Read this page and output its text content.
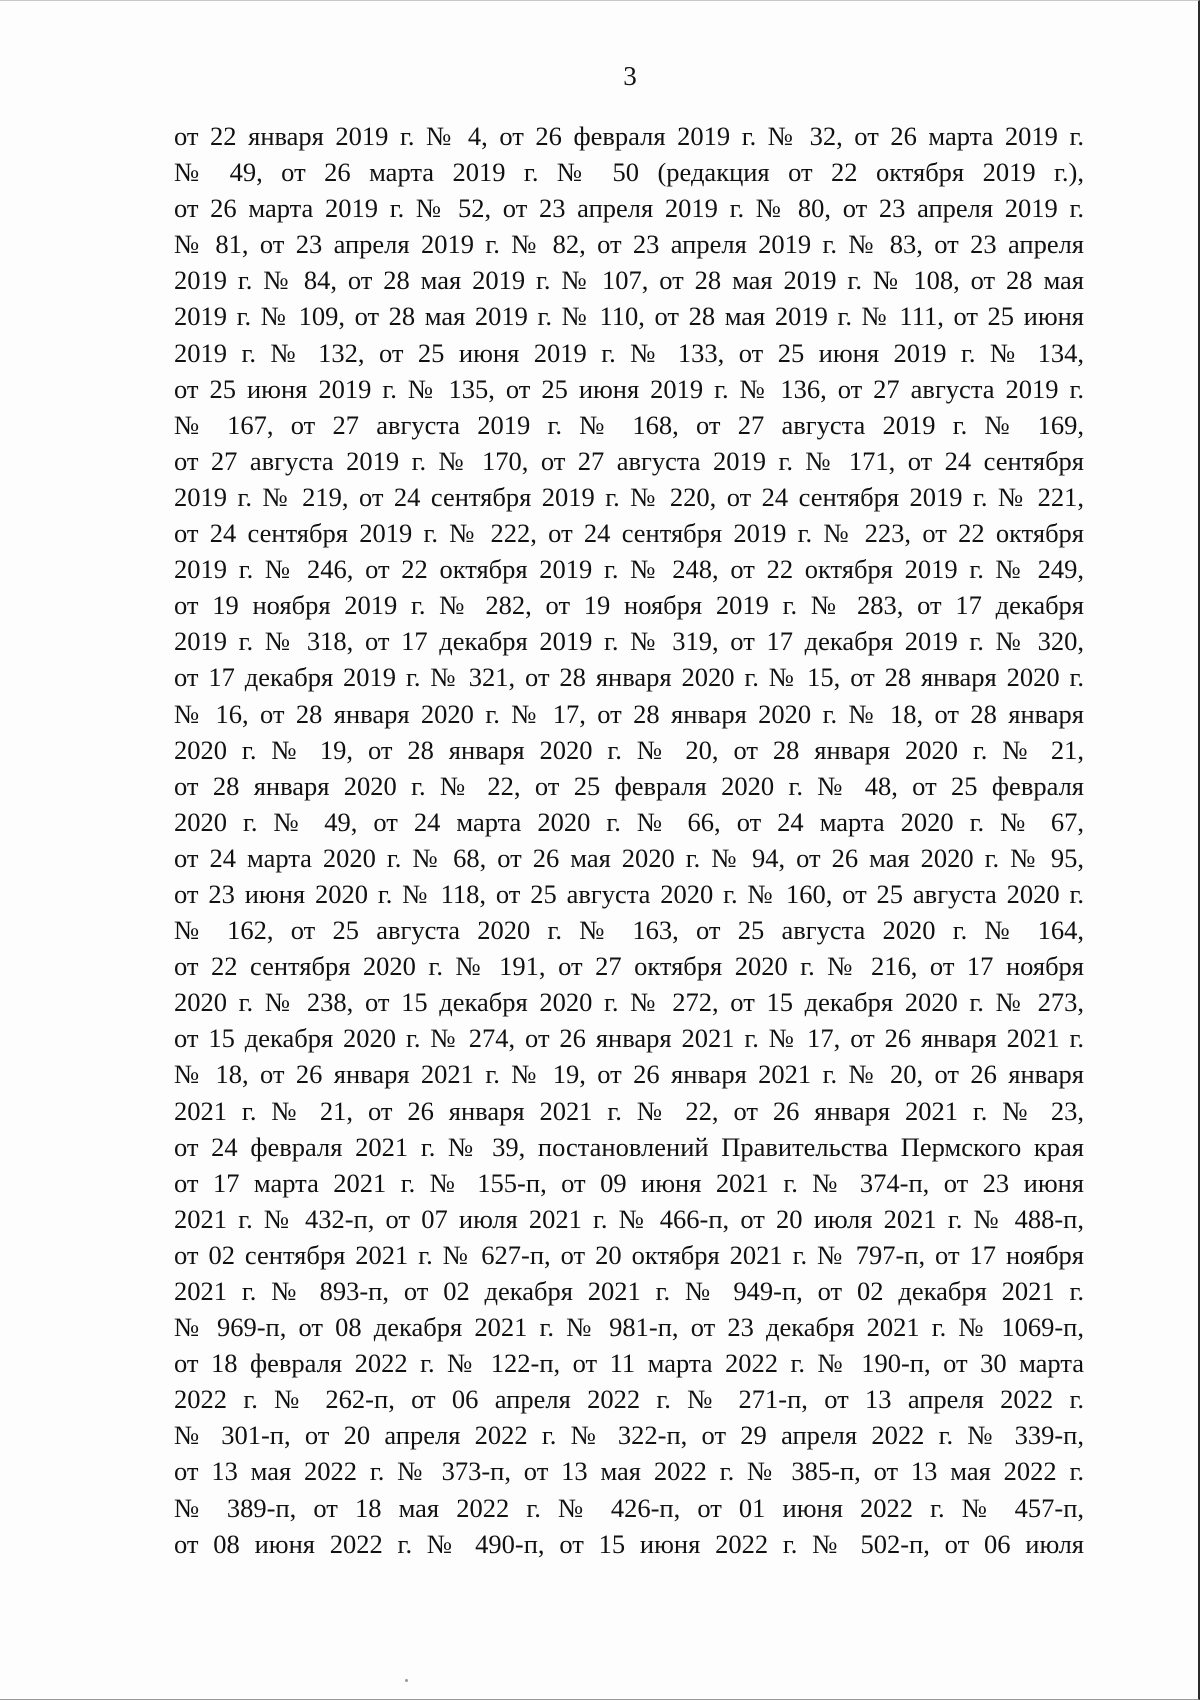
3
от 22 января 2019 г. № 4, от 26 февраля 2019 г. № 32, от 26 марта 2019 г.
№ 49, от 26 марта 2019 г. № 50 (редакция от 22 октября 2019 г.),
от 26 марта 2019 г. № 52, от 23 апреля 2019 г. № 80, от 23 апреля 2019 г.
№ 81, от 23 апреля 2019 г. № 82, от 23 апреля 2019 г. № 83, от 23 апреля
2019 г. № 84, от 28 мая 2019 г. № 107, от 28 мая 2019 г. № 108, от 28 мая
2019 г. № 109, от 28 мая 2019 г. № 110, от 28 мая 2019 г. № 111, от 25 июня
2019 г. № 132, от 25 июня 2019 г. № 133, от 25 июня 2019 г. № 134,
от 25 июня 2019 г. № 135, от 25 июня 2019 г. № 136, от 27 августа 2019 г.
№ 167, от 27 августа 2019 г. № 168, от 27 августа 2019 г. № 169,
от 27 августа 2019 г. № 170, от 27 августа 2019 г. № 171, от 24 сентября
2019 г. № 219, от 24 сентября 2019 г. № 220, от 24 сентября 2019 г. № 221,
от 24 сентября 2019 г. № 222, от 24 сентября 2019 г. № 223, от 22 октября
2019 г. № 246, от 22 октября 2019 г. № 248, от 22 октября 2019 г. № 249,
от 19 ноября 2019 г. № 282, от 19 ноября 2019 г. № 283, от 17 декабря
2019 г. № 318, от 17 декабря 2019 г. № 319, от 17 декабря 2019 г. № 320,
от 17 декабря 2019 г. № 321, от 28 января 2020 г. № 15, от 28 января 2020 г.
№ 16, от 28 января 2020 г. № 17, от 28 января 2020 г. № 18, от 28 января
2020 г. № 19, от 28 января 2020 г. № 20, от 28 января 2020 г. № 21,
от 28 января 2020 г. № 22, от 25 февраля 2020 г. № 48, от 25 февраля
2020 г. № 49, от 24 марта 2020 г. № 66, от 24 марта 2020 г. № 67,
от 24 марта 2020 г. № 68, от 26 мая 2020 г. № 94, от 26 мая 2020 г. № 95,
от 23 июня 2020 г. № 118, от 25 августа 2020 г. № 160, от 25 августа 2020 г.
№ 162, от 25 августа 2020 г. № 163, от 25 августа 2020 г. № 164,
от 22 сентября 2020 г. № 191, от 27 октября 2020 г. № 216, от 17 ноября
2020 г. № 238, от 15 декабря 2020 г. № 272, от 15 декабря 2020 г. № 273,
от 15 декабря 2020 г. № 274, от 26 января 2021 г. № 17, от 26 января 2021 г.
№ 18, от 26 января 2021 г. № 19, от 26 января 2021 г. № 20, от 26 января
2021 г. № 21, от 26 января 2021 г. № 22, от 26 января 2021 г. № 23,
от 24 февраля 2021 г. № 39, постановлений Правительства Пермского края
от 17 марта 2021 г. № 155-п, от 09 июня 2021 г. № 374-п, от 23 июня
2021 г. № 432-п, от 07 июля 2021 г. № 466-п, от 20 июля 2021 г. № 488-п,
от 02 сентября 2021 г. № 627-п, от 20 октября 2021 г. № 797-п, от 17 ноября
2021 г. № 893-п, от 02 декабря 2021 г. № 949-п, от 02 декабря 2021 г.
№ 969-п, от 08 декабря 2021 г. № 981-п, от 23 декабря 2021 г. № 1069-п,
от 18 февраля 2022 г. № 122-п, от 11 марта 2022 г. № 190-п, от 30 марта
2022 г. № 262-п, от 06 апреля 2022 г. № 271-п, от 13 апреля 2022 г.
№ 301-п, от 20 апреля 2022 г. № 322-п, от 29 апреля 2022 г. № 339-п,
от 13 мая 2022 г. № 373-п, от 13 мая 2022 г. № 385-п, от 13 мая 2022 г.
№ 389-п, от 18 мая 2022 г. № 426-п, от 01 июня 2022 г. № 457-п,
от 08 июня 2022 г. № 490-п, от 15 июня 2022 г. № 502-п, от 06 июля
